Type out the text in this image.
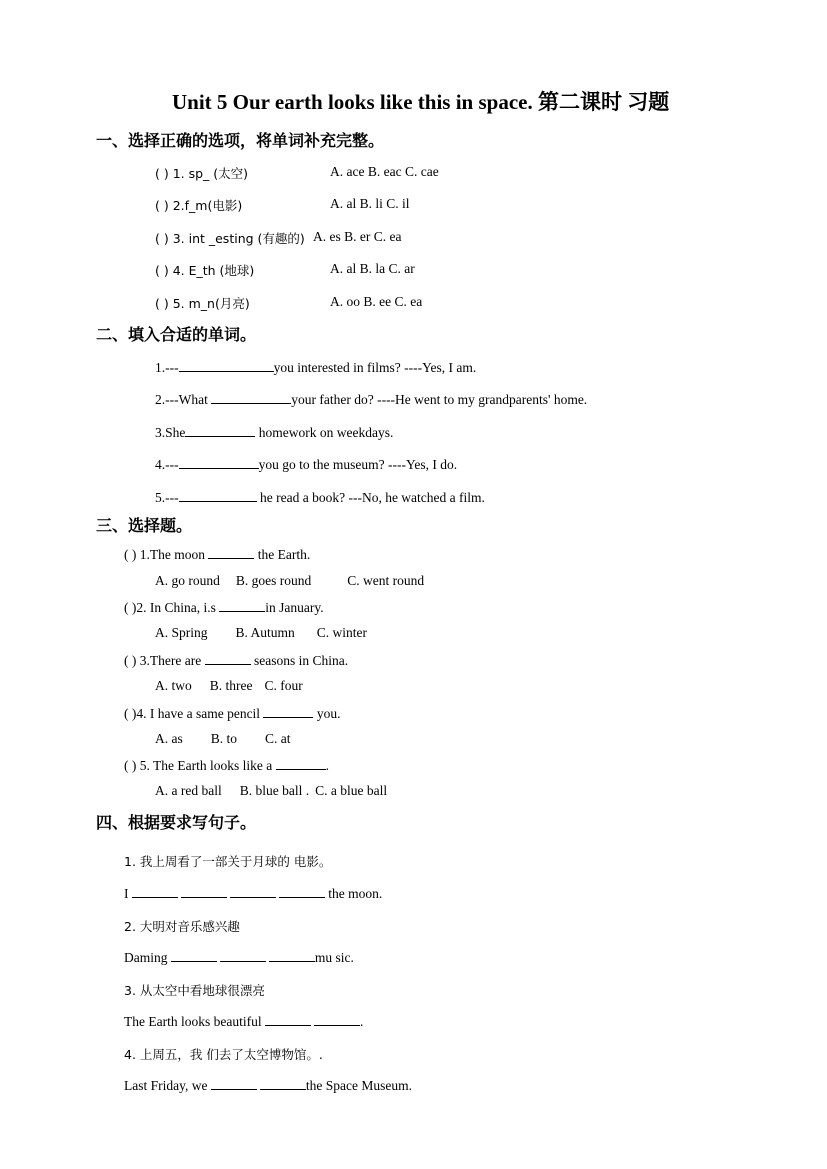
Unit 5 Our earth looks like this in space. 第二课时 习题
一、选择正确的选项，将单词补充完整。
( ) 1. sp_ (太空)	A. ace B. eac C. cae
( ) 2.f_m(电影)	A. al B. li C. il
( ) 3. int _esting (有趣的) A. es B. er C. ea
( ) 4. E_th (地球)	A. al B. la C. ar
( ) 5. m_n(月亮)	A. oo B. ee C. ea
二、填入合适的单词。
1.---	you interested in films? ----Yes, I am.
2.---What	your father do? ----He went to my grandparents' home.
3.She	homework on weekdays.
4.---	you go to the museum? ----Yes, I do.
5.---	he read a book? ---No, he watched a film.
三、选择题。
( ) 1.The moon	the Earth.
A. go round B. goes round	C. went round
( )2. In China, i.s	in January.
A. Spring B. Autumn C. winter
( ) 3.There are	seasons in China.
A. two B. three C. four
( )4. I have a same pencil	you.
A. as B. to C. at
( ) 5. The Earth looks like a	.
A. a red ball B. blue ball . C. a blue ball
四、根据要求写句子。
1. 我上周看了一部关于月球的 电影。
I	the moon.
2. 大明对音乐感兴趣
Daming	mu sic.
3. 从太空中看地球很漂亮
The Earth looks beautiful	.
4. 上周五，我 们去了太空博物馆。.
Last Friday, we	the Space Museum.
